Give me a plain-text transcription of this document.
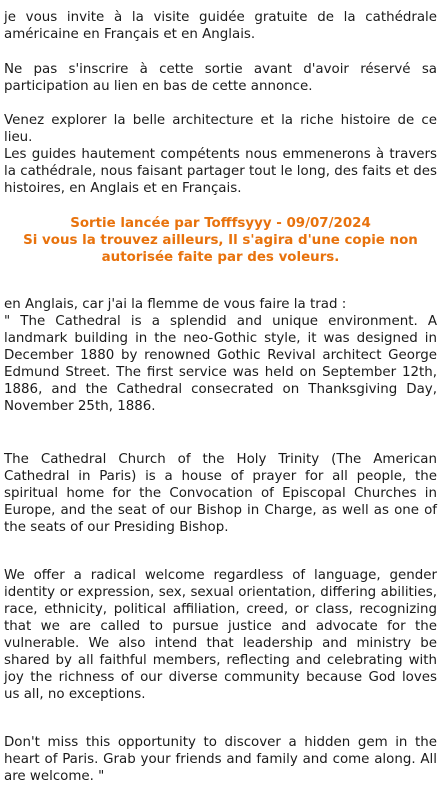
je vous invite à la visite guidée gratuite de la cathédrale américaine en Français et en Anglais.

Ne pas s'inscrire à cette sortie avant d'avoir réservé sa participation au lien en bas de cette annonce.

Venez explorer la belle architecture et la riche histoire de ce lieu.
Les guides hautement compétents nous emmenerons à travers la cathédrale, nous faisant partager tout le long, des faits et des histoires, en Anglais et en Français.

Sortie lancée par Tofffsyyy - 09/07/2024
Si vous la trouvez ailleurs, Il s'agira d'une copie non autorisée faite par des voleurs.

en Anglais, car j'ai la flemme de vous faire la trad :
" The Cathedral is a splendid and unique environment. A landmark building in the neo-Gothic style, it was designed in December 1880 by renowned Gothic Revival architect George Edmund Street. The first service was held on September 12th, 1886, and the Cathedral consecrated on Thanksgiving Day, November 25th, 1886.

The Cathedral Church of the Holy Trinity (The American Cathedral in Paris) is a house of prayer for all people, the spiritual home for the Convocation of Episcopal Churches in Europe, and the seat of our Bishop in Charge, as well as one of the seats of our Presiding Bishop.

We offer a radical welcome regardless of language, gender identity or expression, sex, sexual orientation, differing abilities, race, ethnicity, political affiliation, creed, or class, recognizing that we are called to pursue justice and advocate for the vulnerable. We also intend that leadership and ministry be shared by all faithful members, reflecting and celebrating with joy the richness of our diverse community because God loves us all, no exceptions.

Don't miss this opportunity to discover a hidden gem in the heart of Paris. Grab your friends and family and come along. All are welcome. "
